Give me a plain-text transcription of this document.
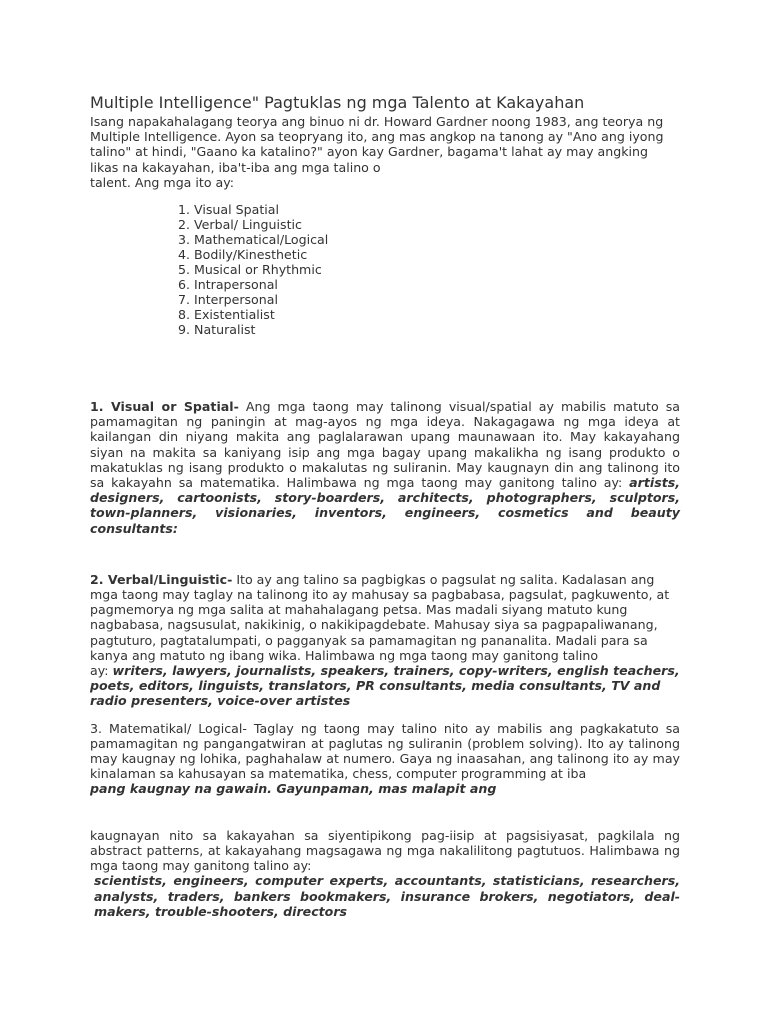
Multiple Intelligence" Pagtuklas ng mga Talento at Kakayahan

Isang napakahalagang teorya ang binuo ni dr. Howard Gardner noong 1983, ang teorya ng Multiple Intelligence. Ayon sa teopryang ito, ang mas angkop na tanong ay "Ano ang iyong talino" at hindi, "Gaano ka katalino?" ayon kay Gardner, bagama't lahat ay may angking likas na kakayahan, iba't-iba ang mga talino o
talent. Ang mga ito ay:

1. Visual Spatial
2. Verbal/ Linguistic
3. Mathematical/Logical
4. Bodily/Kinesthetic
5. Musical or Rhythmic
6. Intrapersonal
7. Interpersonal
8. Existentialist
9. Naturalist

1. Visual or Spatial- Ang mga taong may talinong visual/spatial ay mabilis matuto sa pamamagitan ng paningin at mag-ayos ng mga ideya. Nakagagawa ng mga ideya at kailangan din niyang makita ang paglalarawan upang maunawaan ito. May kakayahang siyan na makita sa kaniyang isip ang mga bagay upang makalikha ng isang produkto o makatuklas ng isang produkto o makalutas ng suliranin. May kaugnayn din ang talinong ito sa kakayahn sa matematika. Halimbawa ng mga taong may ganitong talino ay: artists, designers, cartoonists, story-boarders, architects, photographers, sculptors, town-planners, visionaries, inventors, engineers, cosmetics and beauty consultants:

2. Verbal/Linguistic- Ito ay ang talino sa pagbigkas o pagsulat ng salita. Kadalasan ang mga taong may taglay na talinong ito ay mahusay sa pagbabasa, pagsulat, pagkuwento, at pagmemorya ng mga salita at mahahalagang petsa. Mas madali siyang matuto kung nagbabasa, nagsusulat, nakikinig, o nakikipagdebate. Mahusay siya sa pagpapaliwanang, pagtuturo, pagtatalumpati, o pagganyak sa pamamagitan ng pananalita. Madali para sa kanya ang matuto ng ibang wika. Halimbawa ng mga taong may ganitong talino
ay: writers, lawyers, journalists, speakers, trainers, copy-writers, english teachers, poets, editors, linguists, translators, PR consultants, media consultants, TV and radio presenters, voice-over artistes

3. Matematikal/ Logical- Taglay ng taong may talino nito ay mabilis ang pagkakatuto sa pamamagitan ng pangangatwiran at paglutas ng suliranin (problem solving). Ito ay talinong may kaugnay ng lohika, paghahalaw at numero. Gaya ng inaasahan, ang talinong ito ay may kinalaman sa kahusayan sa matematika, chess, computer programming at iba
pang kaugnay na gawain. Gayunpaman, mas malapit ang

kaugnayan nito sa kakayahan sa siyentipikong pag-iisip at pagsisiyasat, pagkilala ng abstract patterns, at kakayahang magsagawa ng mga nakalilitong pagtutuos. Halimbawa ng mga taong may ganitong talino ay:
scientists, engineers, computer experts, accountants, statisticians, researchers, analysts, traders, bankers bookmakers, insurance brokers, negotiators, deal-makers, trouble-shooters, directors
